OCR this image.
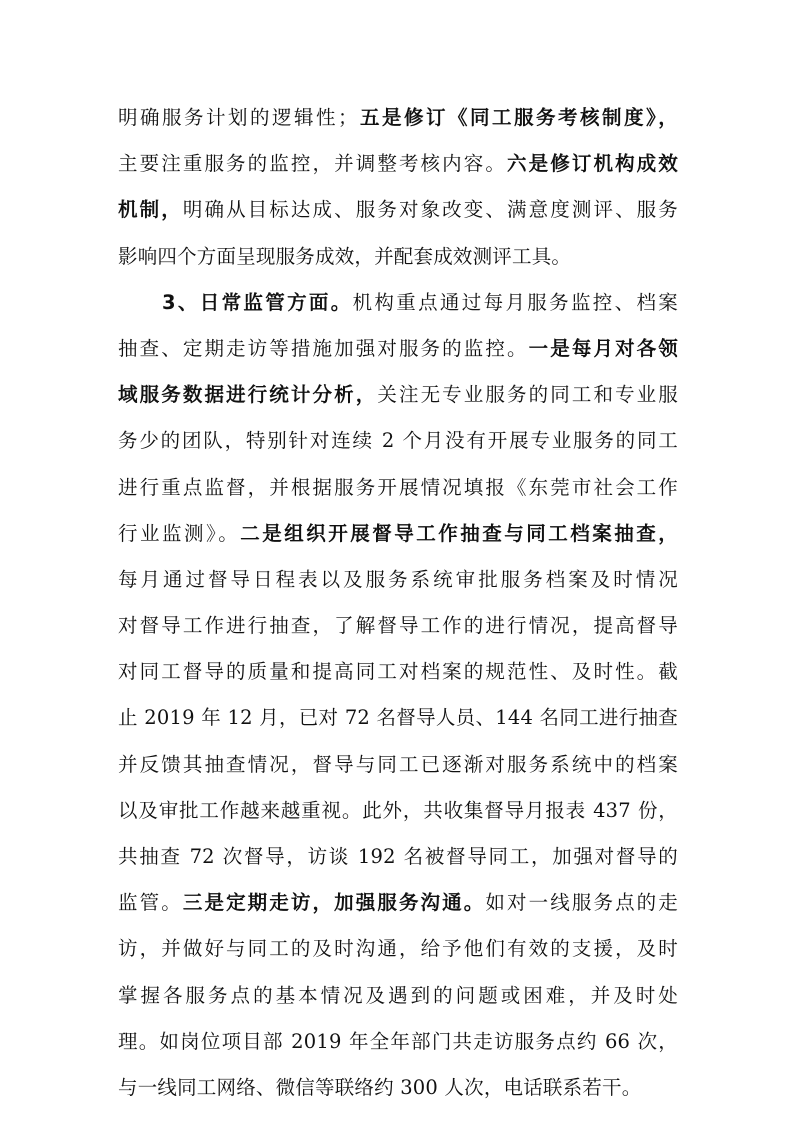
明确服务计划的逻辑性；五是修订《同工服务考核制度》，
主要注重服务的监控，并调整考核内容。六是修订机构成效
机制，明确从目标达成、服务对象改变、满意度测评、服务
影响四个方面呈现服务成效，并配套成效测评工具。
3、日常监管方面。机构重点通过每月服务监控、档案
抽查、定期走访等措施加强对服务的监控。一是每月对各领
域服务数据进行统计分析，关注无专业服务的同工和专业服
务少的团队，特别针对连续 2 个月没有开展专业服务的同工
进行重点监督，并根据服务开展情况填报《东莞市社会工作
行业监测》。二是组织开展督导工作抽查与同工档案抽查，
每月通过督导日程表以及服务系统审批服务档案及时情况
对督导工作进行抽查，了解督导工作的进行情况，提高督导
对同工督导的质量和提高同工对档案的规范性、及时性。截
止 2019 年 12 月，已对 72 名督导人员、144 名同工进行抽查
并反馈其抽查情况，督导与同工已逐渐对服务系统中的档案
以及审批工作越来越重视。此外，共收集督导月报表 437 份，
共抽查 72 次督导，访谈 192 名被督导同工，加强对督导的
监管。三是定期走访，加强服务沟通。如对一线服务点的走
访，并做好与同工的及时沟通，给予他们有效的支援，及时
掌握各服务点的基本情况及遇到的问题或困难，并及时处
理。如岗位项目部 2019 年全年部门共走访服务点约 66 次，
与一线同工网络、微信等联络约 300 人次，电话联系若干。
